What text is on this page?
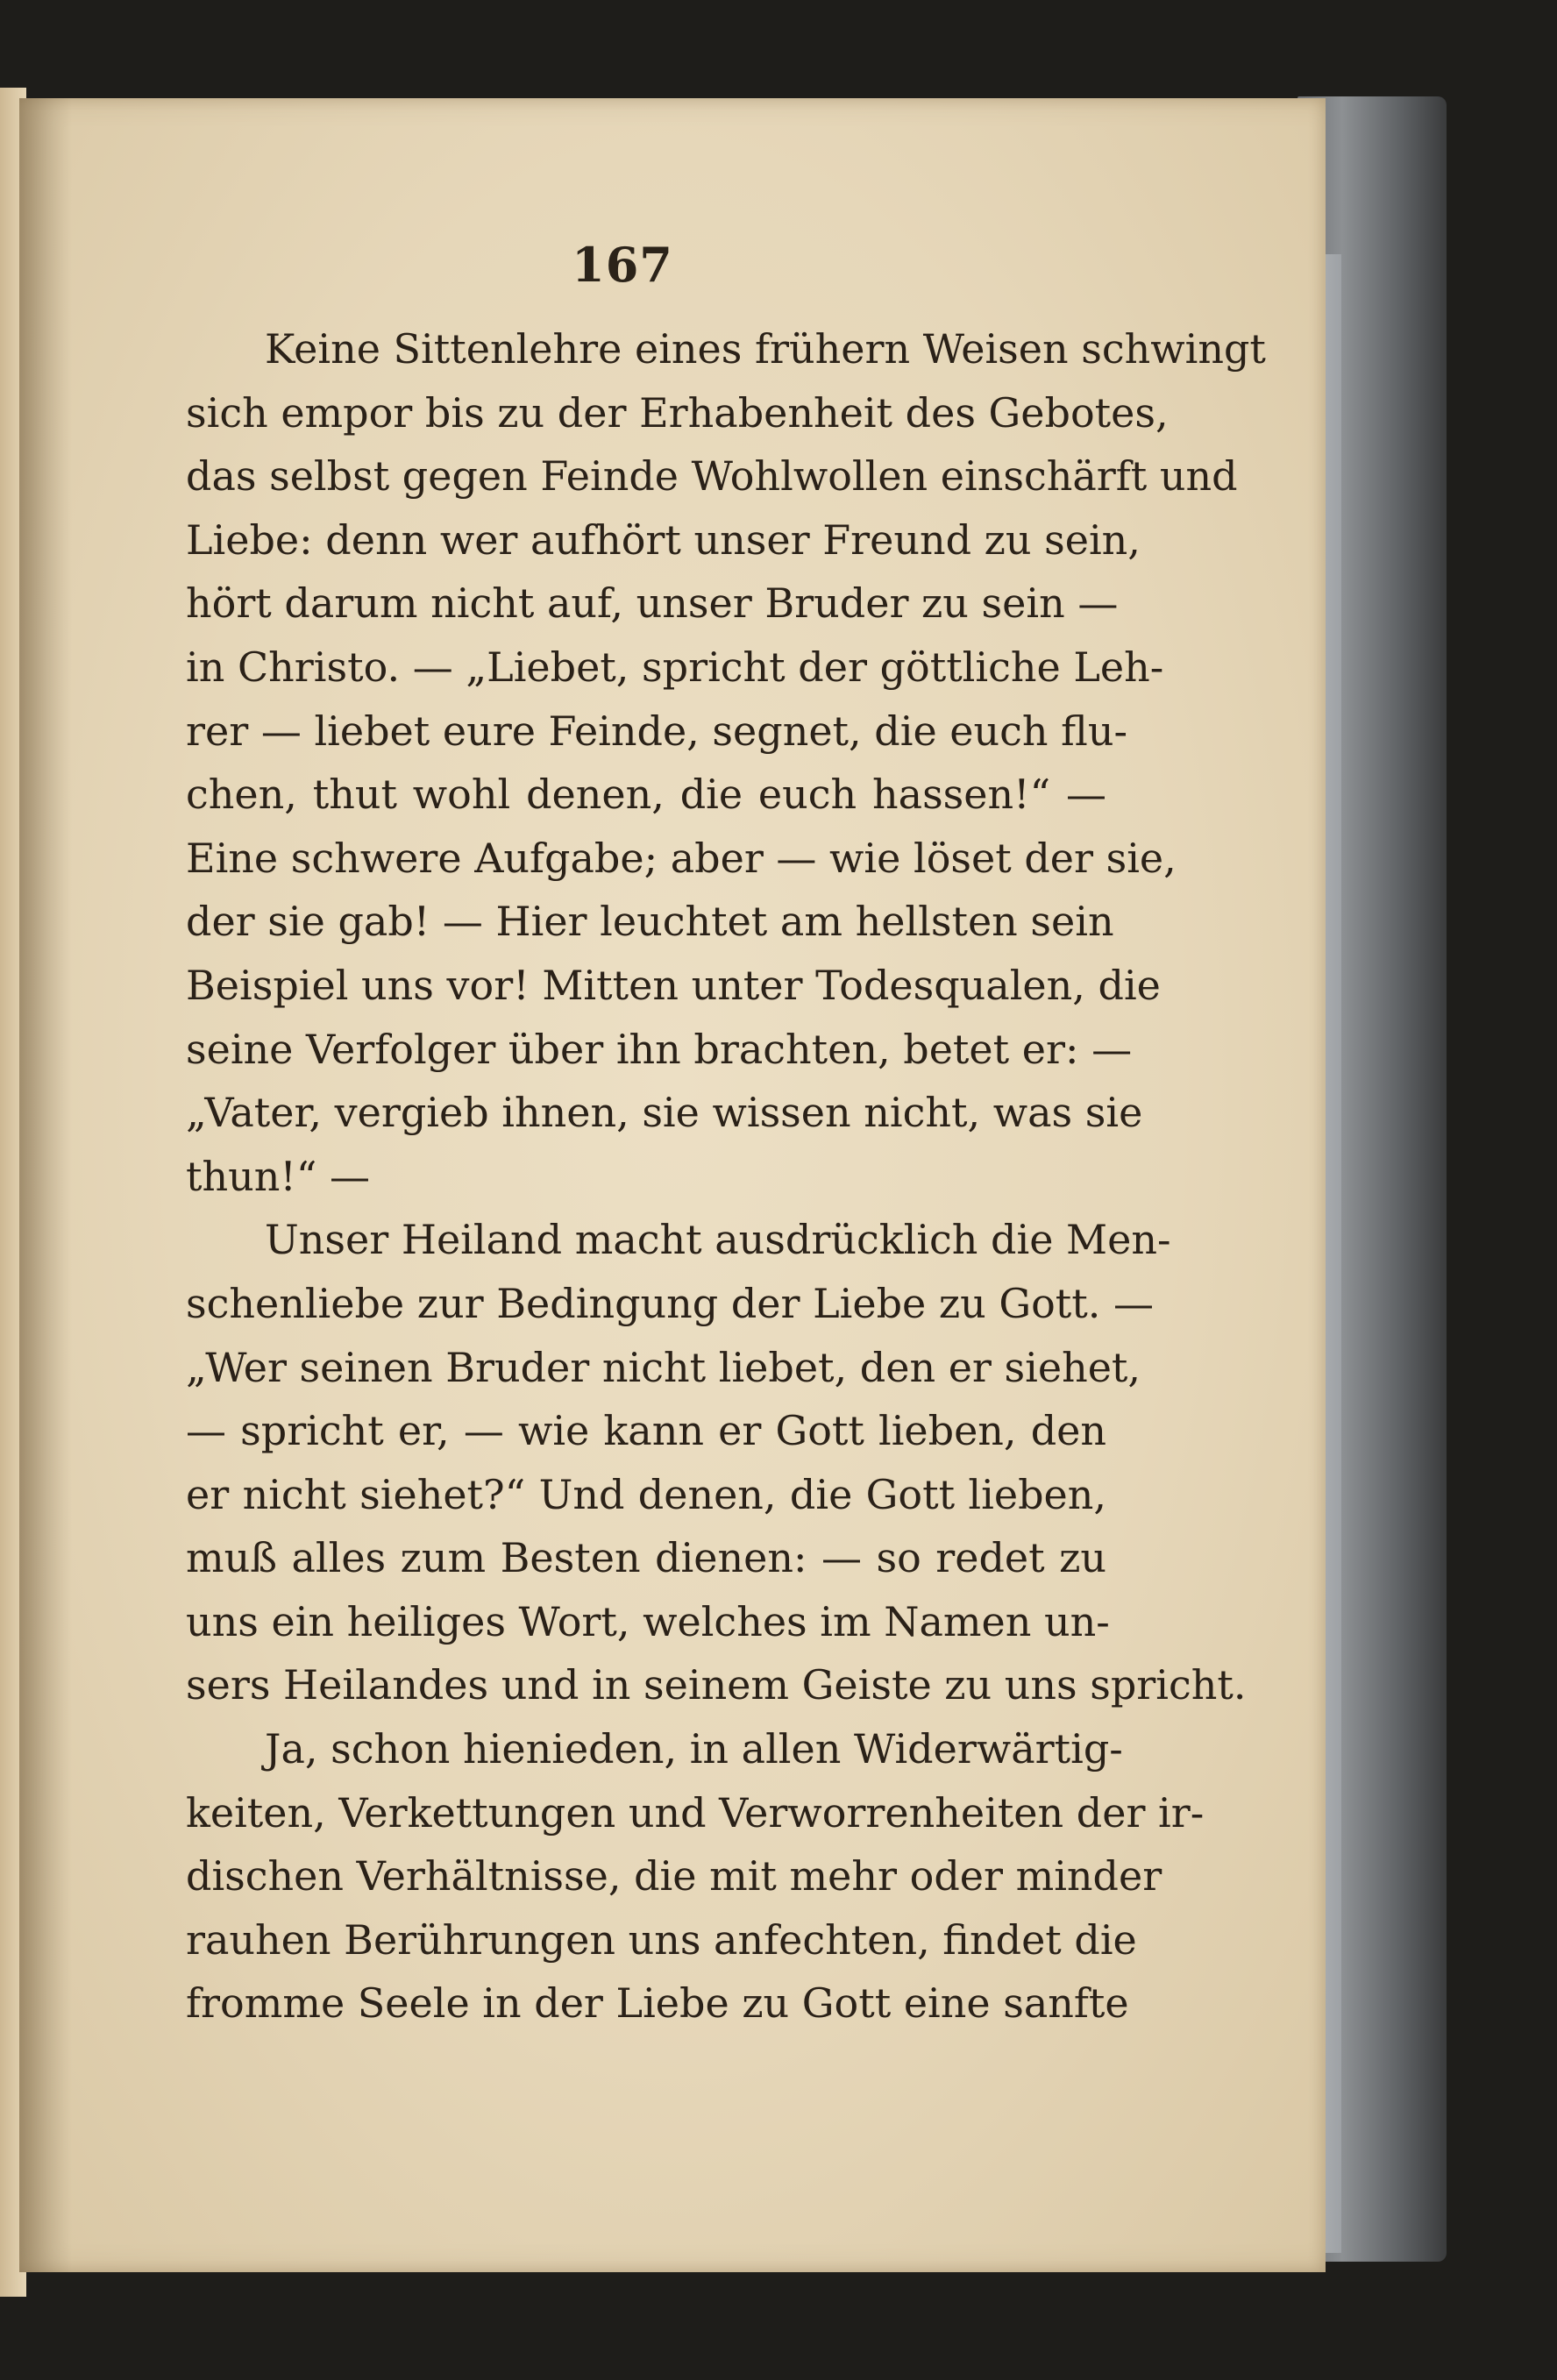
167
Keine Sittenlehre eines frühern Weisen schwingt
sich empor bis zu der Erhabenheit des Gebotes,
das selbst gegen Feinde Wohlwollen einschärft und
Liebe: denn wer aufhört unser Freund zu sein,
hört darum nicht auf, unser Bruder zu sein —
in Christo. — „Liebet, spricht der göttliche Leh-
rer — liebet eure Feinde, segnet, die euch flu-
chen, thut wohl denen, die euch hassen!“ —
Eine schwere Aufgabe; aber — wie löset der sie,
der sie gab! — Hier leuchtet am hellsten sein
Beispiel uns vor! Mitten unter Todesqualen, die
seine Verfolger über ihn brachten, betet er: —
„Vater, vergieb ihnen, sie wissen nicht, was sie
thun!“ —
Unser Heiland macht ausdrücklich die Men-
schenliebe zur Bedingung der Liebe zu Gott. —
„Wer seinen Bruder nicht liebet, den er siehet,
— spricht er, — wie kann er Gott lieben, den
er nicht siehet?“ Und denen, die Gott lieben,
muß alles zum Besten dienen: — so redet zu
uns ein heiliges Wort, welches im Namen un-
sers Heilandes und in seinem Geiste zu uns spricht.
Ja, schon hienieden, in allen Widerwärtig-
keiten, Verkettungen und Verworrenheiten der ir-
dischen Verhältnisse, die mit mehr oder minder
rauhen Berührungen uns anfechten, findet die
fromme Seele in der Liebe zu Gott eine sanfte
